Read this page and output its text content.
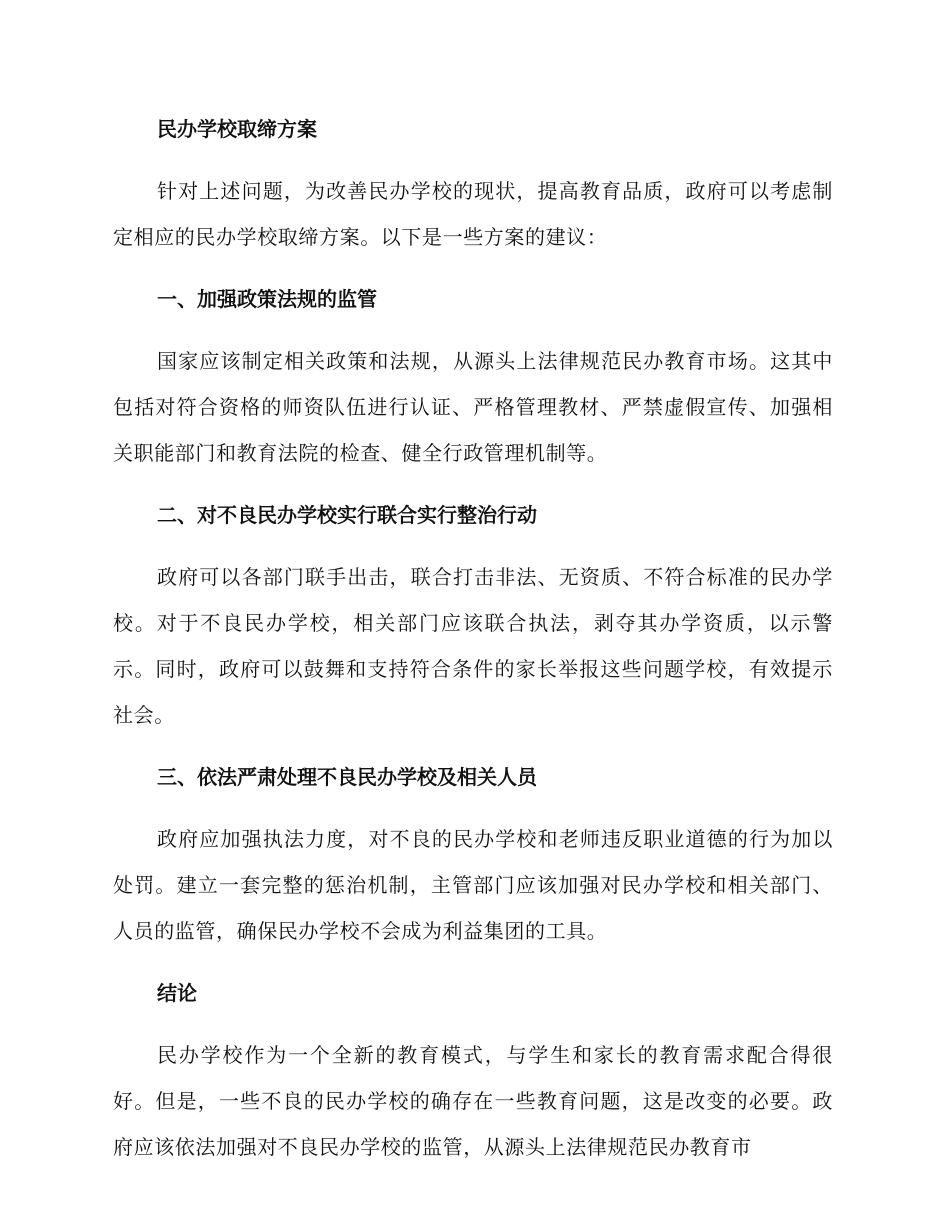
民办学校取缔方案

针对上述问题，为改善民办学校的现状，提高教育品质，政府可以考虑制定相应的民办学校取缔方案。以下是一些方案的建议：

一、加强政策法规的监管

国家应该制定相关政策和法规，从源头上法律规范民办教育市场。这其中包括对符合资格的师资队伍进行认证、严格管理教材、严禁虚假宣传、加强相关职能部门和教育法院的检查、健全行政管理机制等。

二、对不良民办学校实行联合实行整治行动

政府可以各部门联手出击，联合打击非法、无资质、不符合标准的民办学校。对于不良民办学校，相关部门应该联合执法，剥夺其办学资质，以示警示。同时，政府可以鼓舞和支持符合条件的家长举报这些问题学校，有效提示社会。

三、依法严肃处理不良民办学校及相关人员

政府应加强执法力度，对不良的民办学校和老师违反职业道德的行为加以处罚。建立一套完整的惩治机制，主管部门应该加强对民办学校和相关部门、人员的监管，确保民办学校不会成为利益集团的工具。

结论

民办学校作为一个全新的教育模式，与学生和家长的教育需求配合得很好。但是，一些不良的民办学校的确存在一些教育问题，这是改变的必要。政府应该依法加强对不良民办学校的监管，从源头上法律规范民办教育市
